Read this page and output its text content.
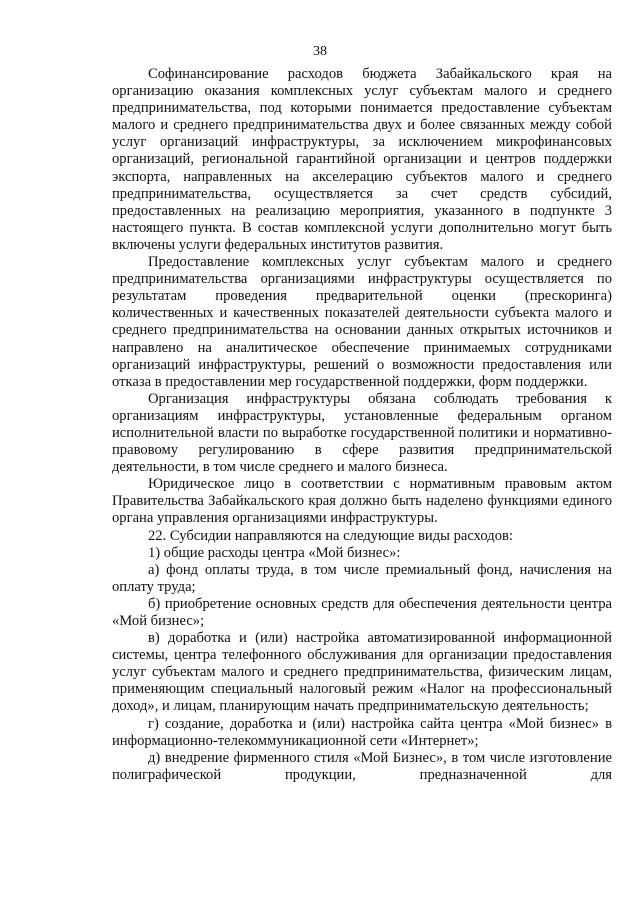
38

Софинансирование расходов бюджета Забайкальского края на организацию оказания комплексных услуг субъектам малого и среднего предпринимательства, под которыми понимается предоставление субъектам малого и среднего предпринимательства двух и более связанных между собой услуг организаций инфраструктуры, за исключением микрофинансовых организаций, региональной гарантийной организации и центров поддержки экспорта, направленных на акселерацию субъектов малого и среднего предпринимательства, осуществляется за счет средств субсидий, предоставленных на реализацию мероприятия, указанного в подпункте 3 настоящего пункта. В состав комплексной услуги дополнительно могут быть включены услуги федеральных институтов развития.

Предоставление комплексных услуг субъектам малого и среднего предпринимательства организациями инфраструктуры осуществляется по результатам проведения предварительной оценки (прескоринга) количественных и качественных показателей деятельности субъекта малого и среднего предпринимательства на основании данных открытых источников и направлено на аналитическое обеспечение принимаемых сотрудниками организаций инфраструктуры, решений о возможности предоставления или отказа в предоставлении мер государственной поддержки, форм поддержки.

Организация инфраструктуры обязана соблюдать требования к организациям инфраструктуры, установленные федеральным органом исполнительной власти по выработке государственной политики и нормативно-правовому регулированию в сфере развития предпринимательской деятельности, в том числе среднего и малого бизнеса.

Юридическое лицо в соответствии с нормативным правовым актом Правительства Забайкальского края должно быть наделено функциями единого органа управления организациями инфраструктуры.

22. Субсидии направляются на следующие виды расходов:

1) общие расходы центра «Мой бизнес»:

а) фонд оплаты труда, в том числе премиальный фонд, начисления на оплату труда;

б) приобретение основных средств для обеспечения деятельности центра «Мой бизнес»;

в) доработка и (или) настройка автоматизированной информационной системы, центра телефонного обслуживания для организации предоставления услуг субъектам малого и среднего предпринимательства, физическим лицам, применяющим специальный налоговый режим «Налог на профессиональный доход», и лицам, планирующим начать предпринимательскую деятельность;

г) создание, доработка и (или) настройка сайта центра «Мой бизнес» в информационно-телекоммуникационной сети «Интернет»;

д) внедрение фирменного стиля «Мой Бизнес», в том числе изготовление полиграфической продукции, предназначенной для
